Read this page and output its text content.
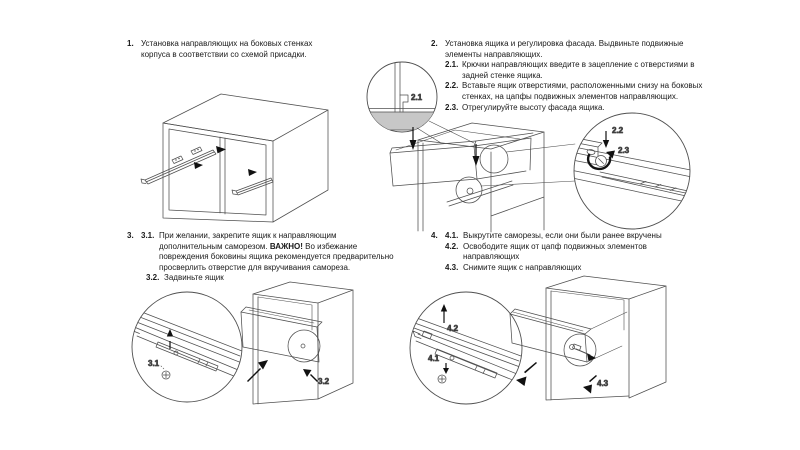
2.1
2.2
2.3
3.1
3.2
4.2
4.1
4.3
1. Установка направляющих на боковых стенках корпуса в соответствии со схемой присадки.
2. Установка ящика и регулировка фасада. Выдвиньте подвижные элементы направляющих.
2.1. Крючки направляющих введите в зацепление с отверстиями в задней стенке ящика.
2.2. Вставьте ящик отверстиями, расположенными снизу на боковых стенках, на цапфы подвижных элементов направляющих.
2.3. Отрегулируйте высоту фасада ящика.
3. 3.1. При желании, закрепите ящик к направляющим дополнительным саморезом. ВАЖНО! Во избежание повреждения боковины ящика рекомендуется предварительно просверлить отверстие для вкручивания самореза.
3.2. Задвиньте ящик
4. 4.1. Выкрутите саморезы, если они были ранее вкручены
4.2. Освободите ящик от цапф подвижных элементов направляющих
4.3. Снимите ящик с направляющих
